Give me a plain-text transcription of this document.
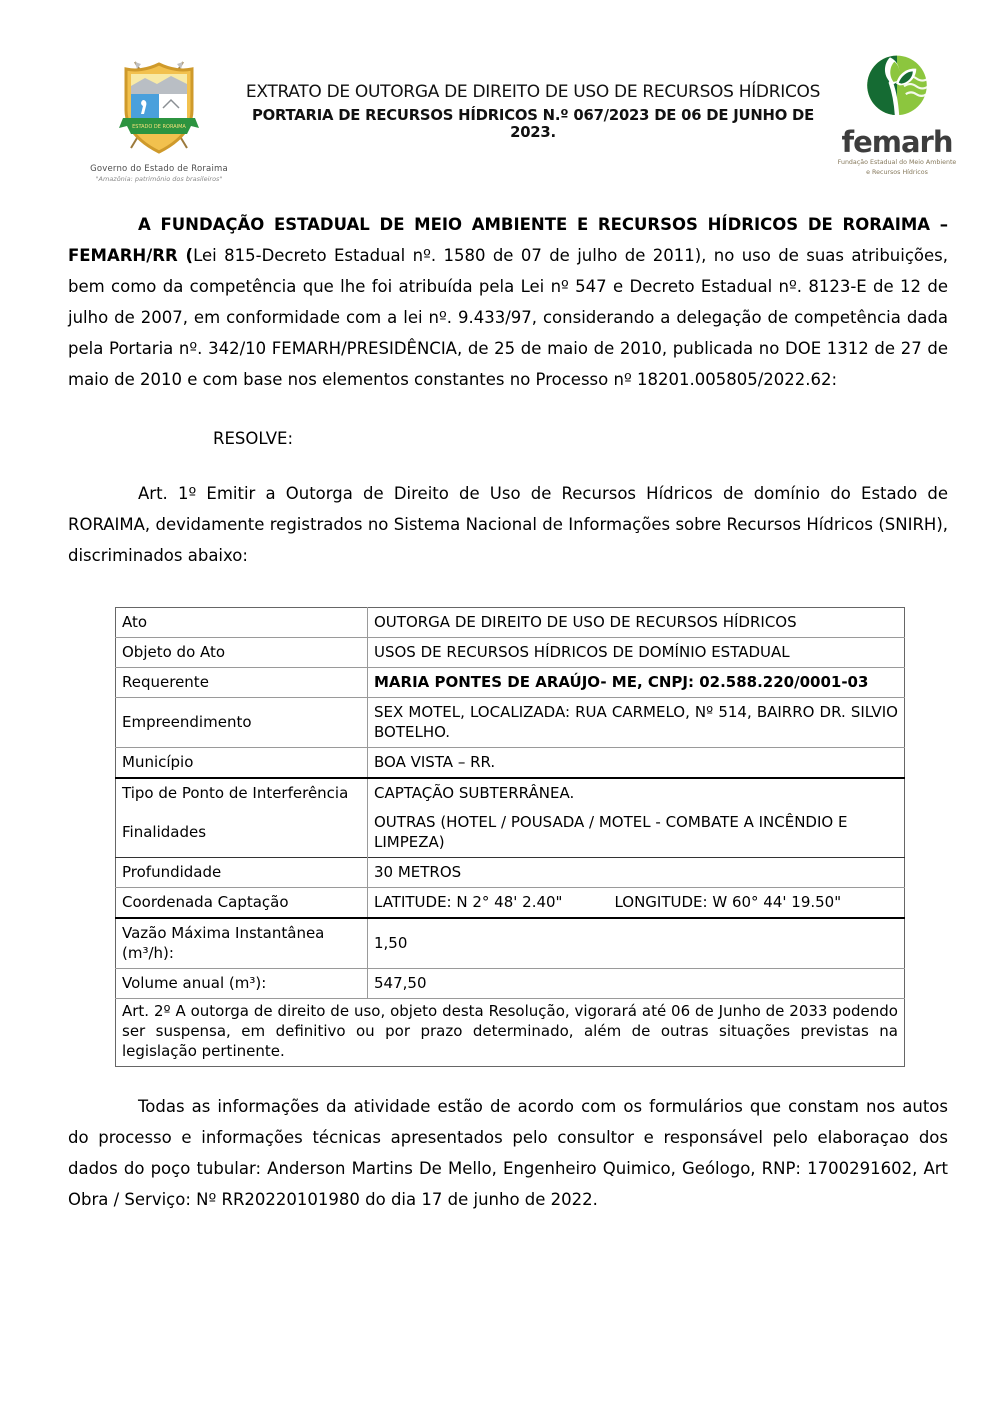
ESTADO DE RORAIMA
Governo do Estado de Roraima
"Amazônia: patrimônio dos brasileiros"
EXTRATO DE OUTORGA DE DIREITO DE USO DE RECURSOS HÍDRICOS
PORTARIA DE RECURSOS HÍDRICOS N.º 067/2023 DE 06 DE JUNHO DE 2023.	femarh
Fundação Estadual do Meio Ambiente
e Recursos Hídricos

A FUNDAÇÃO ESTADUAL DE MEIO AMBIENTE E RECURSOS HÍDRICOS DE RORAIMA – FEMARH/RR (Lei 815-Decreto Estadual nº. 1580 de 07 de julho de 2011), no uso de suas atribuições, bem como da competência que lhe foi atribuída pela Lei nº 547 e Decreto Estadual nº. 8123-E de 12 de julho de 2007, em conformidade com a lei nº. 9.433/97, considerando a delegação de competência dada pela Portaria nº. 342/10 FEMARH/PRESIDÊNCIA, de 25 de maio de 2010, publicada no DOE 1312 de 27 de maio de 2010 e com base nos elementos constantes no Processo nº 18201.005805/2022.62:

RESOLVE:

Art. 1º Emitir a Outorga de Direito de Uso de Recursos Hídricos de domínio do Estado de RORAIMA, devidamente registrados no Sistema Nacional de Informações sobre Recursos Hídricos (SNIRH), discriminados abaixo:

Ato	OUTORGA DE DIREITO DE USO DE RECURSOS HÍDRICOS
Objeto do Ato	USOS DE RECURSOS HÍDRICOS DE DOMÍNIO ESTADUAL
Requerente	MARIA PONTES DE ARAÚJO- ME, CNPJ: 02.588.220/0001-03
Empreendimento	SEX MOTEL, LOCALIZADA: RUA CARMELO, Nº 514, BAIRRO DR. SILVIO BOTELHO.
Município	BOA VISTA – RR.
Tipo de Ponto de Interferência	CAPTAÇÃO SUBTERRÂNEA.
Finalidades	OUTRAS (HOTEL / POUSADA / MOTEL - COMBATE A INCÊNDIO E LIMPEZA)
Profundidade	30 METROS
Coordenada Captação	LATITUDE: N 2° 48' 2.40" LONGITUDE: W 60° 44' 19.50"
Vazão Máxima Instantânea (m³/h):	1,50
Volume anual (m³):	547,50
Art. 2º A outorga de direito de uso, objeto desta Resolução, vigorará até 06 de Junho de 2033 podendo ser suspensa, em definitivo ou por prazo determinado, além de outras situações previstas na legislação pertinente.	

Todas as informações da atividade estão de acordo com os formulários que constam nos autos do processo e informações técnicas apresentados pelo consultor e responsável pelo elaboraçao dos dados do poço tubular: Anderson Martins De Mello, Engenheiro Quimico, Geólogo, RNP: 1700291602, Art Obra / Serviço: Nº RR20220101980 do dia 17 de junho de 2022.
